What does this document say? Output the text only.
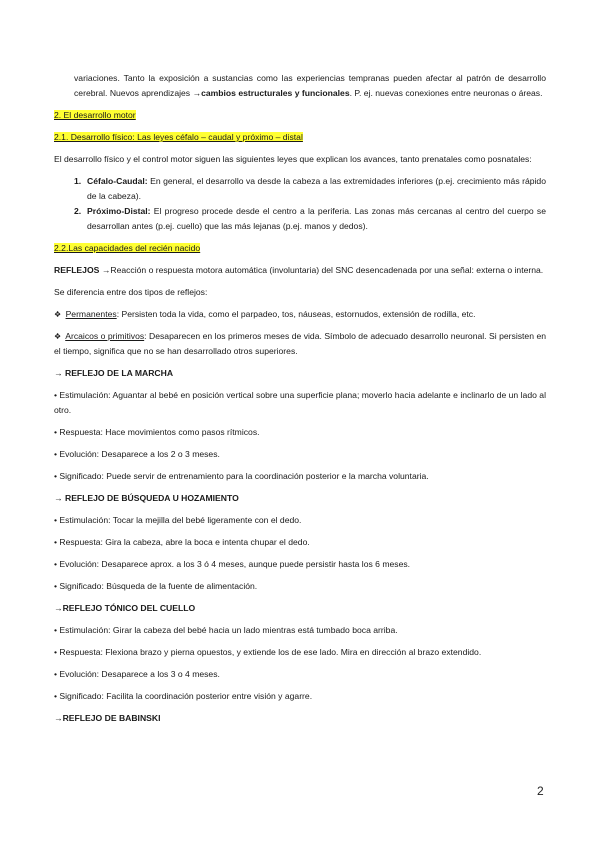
variaciones. Tanto la exposición a sustancias como las experiencias tempranas pueden afectar al patrón de desarrollo cerebral. Nuevos aprendizajes →cambios estructurales y funcionales. P. ej. nuevas conexiones entre neuronas o áreas.

2. El desarrollo motor

2.1. Desarrollo físico: Las leyes céfalo – caudal y próximo – distal

El desarrollo físico y el control motor siguen las siguientes leyes que explican los avances, tanto prenatales como posnatales:

1. Céfalo-Caudal: En general, el desarrollo va desde la cabeza a las extremidades inferiores (p.ej. crecimiento más rápido de la cabeza).
2. Próximo-Distal: El progreso procede desde el centro a la periferia. Las zonas más cercanas al centro del cuerpo se desarrollan antes (p.ej. cuello) que las más lejanas (p.ej. manos y dedos).

2.2.Las capacidades del recién nacido

REFLEJOS →Reacción o respuesta motora automática (involuntaria) del SNC desencadenada por una señal: externa o interna.

Se diferencia entre dos tipos de reflejos:

❖ Permanentes: Persisten toda la vida, como el parpadeo, tos, náuseas, estornudos, extensión de rodilla, etc.

❖ Arcaicos o primitivos: Desaparecen en los primeros meses de vida. Símbolo de adecuado desarrollo neuronal. Si persisten en el tiempo, significa que no se han desarrollado otros superiores.

→ REFLEJO DE LA MARCHA

• Estimulación: Aguantar al bebé en posición vertical sobre una superficie plana; moverlo hacia adelante e inclinarlo de un lado al otro.

• Respuesta: Hace movimientos como pasos rítmicos.

• Evolución: Desaparece a los 2 o 3 meses.

• Significado: Puede servir de entrenamiento para la coordinación posterior e la marcha voluntaria.

→ REFLEJO DE BÚSQUEDA U HOZAMIENTO

• Estimulación: Tocar la mejilla del bebé ligeramente con el dedo.

• Respuesta: Gira la cabeza, abre la boca e intenta chupar el dedo.

• Evolución: Desaparece aprox. a los 3 ó 4 meses, aunque puede persistir hasta los 6 meses.

• Significado: Búsqueda de la fuente de alimentación.

→REFLEJO TÓNICO DEL CUELLO

• Estimulación: Girar la cabeza del bebé hacia un lado mientras está tumbado boca arriba.

• Respuesta: Flexiona brazo y pierna opuestos, y extiende los de ese lado. Mira en dirección al brazo extendido.

• Evolución: Desaparece a los 3 o 4 meses.

• Significado: Facilita la coordinación posterior entre visión y agarre.

→REFLEJO DE BABINSKI

2
